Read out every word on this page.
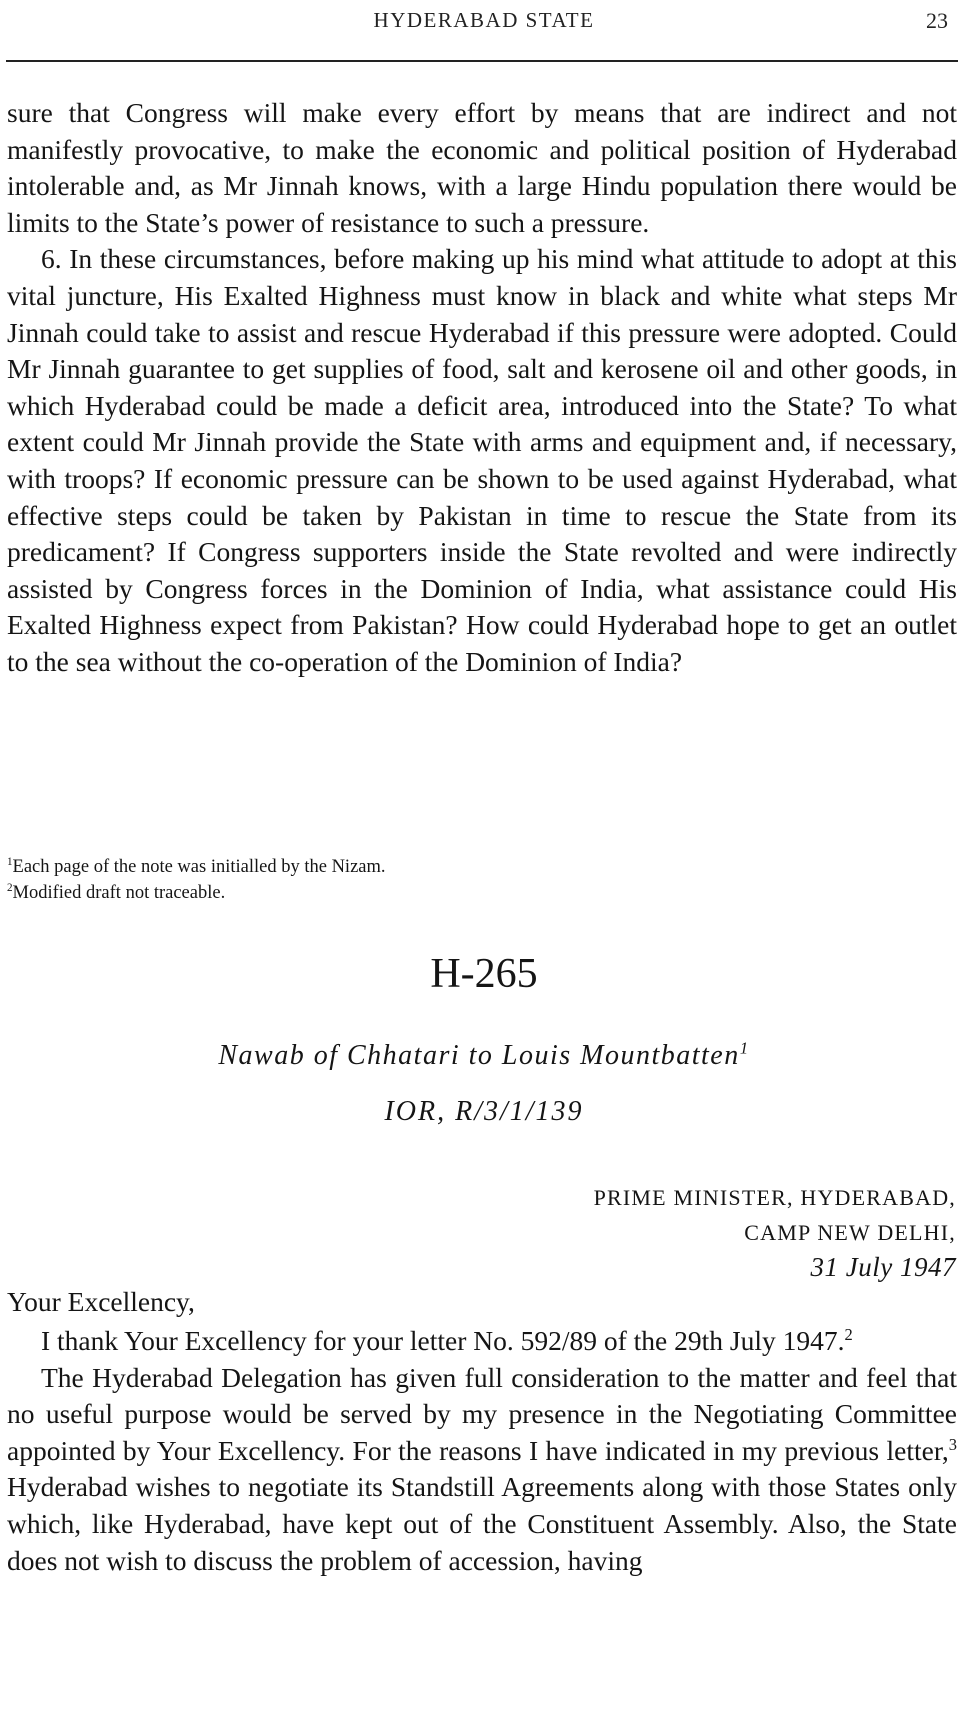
HYDERABAD STATE	23

sure that Congress will make every effort by means that are indirect and not manifestly provocative, to make the economic and political position of Hyderabad intolerable and, as Mr Jinnah knows, with a large Hindu population there would be limits to the State’s power of resistance to such a pressure.

6. In these circumstances, before making up his mind what attitude to adopt at this vital juncture, His Exalted Highness must know in black and white what steps Mr Jinnah could take to assist and rescue Hyderabad if this pressure were adopted. Could Mr Jinnah guarantee to get supplies of food, salt and kerosene oil and other goods, in which Hyderabad could be made a deficit area, introduced into the State? To what extent could Mr Jinnah provide the State with arms and equipment and, if necessary, with troops? If economic pressure can be shown to be used against Hyderabad, what effective steps could be taken by Pakistan in time to rescue the State from its predicament? If Congress supporters inside the State revolted and were indirectly assisted by Congress forces in the Dominion of India, what assistance could His Exalted Highness expect from Pakistan? How could Hyderabad hope to get an outlet to the sea without the co-operation of the Dominion of India?

$^1$Each page of the note was initialled by the Nizam.
$^2$Modified draft not traceable.
H-265
Nawab of Chhatari to Louis Mountbatten$^1$
IOR, R/3/1/139
PRIME MINISTER, HYDERABAD,
CAMP NEW DELHI,
31 July 1947
Your Excellency,

I thank Your Excellency for your letter No. 592/89 of the 29th July 1947.$^2$

The Hyderabad Delegation has given full consideration to the matter and feel that no useful purpose would be served by my presence in the Negotiating Committee appointed by Your Excellency. For the reasons I have indicated in my previous letter,$^3$ Hyderabad wishes to negotiate its Standstill Agreements along with those States only which, like Hyderabad, have kept out of the Constituent Assembly. Also, the State does not wish to discuss the problem of accession, having
